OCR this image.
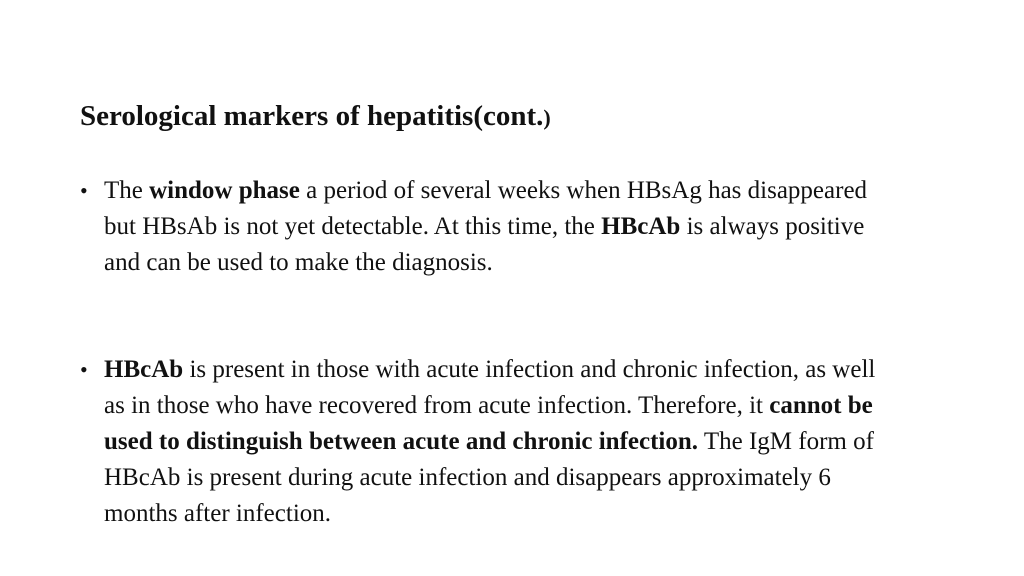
Serological markers of hepatitis(cont.)
• The window phase a period of several weeks when HBsAg has disappeared but HBsAb is not yet detectable. At this time, the HBcAb is always positive and can be used to make the diagnosis.
• HBcAb is present in those with acute infection and chronic infection, as well as in those who have recovered from acute infection. Therefore, it cannot be used to distinguish between acute and chronic infection. The IgM form of HBcAb is present during acute infection and disappears approximately 6 months after infection.
